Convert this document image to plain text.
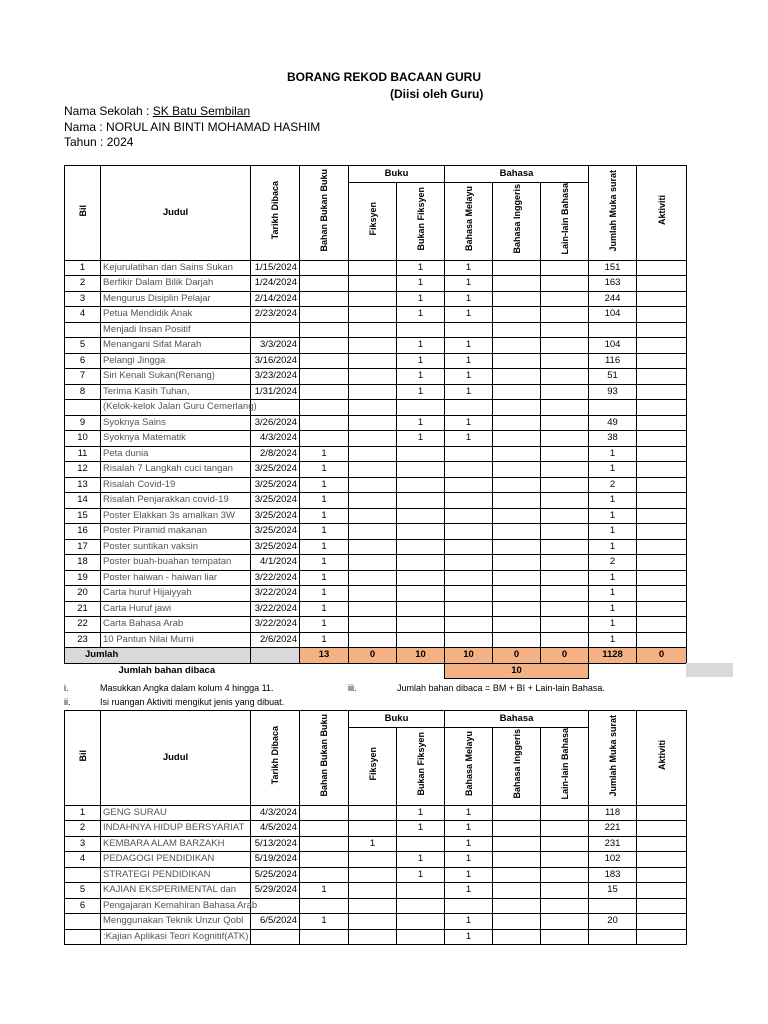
BORANG REKOD BACAAN GURU
(Diisi oleh Guru)
Nama Sekolah : SK Batu Sembilan
Nama : NORUL AIN BINTI MOHAMAD HASHIM
Tahun : 2024
Bil	Judul	Tarikh Dibaca	Bahan Bukan Buku	Buku		Bahasa			Jumlah Muka surat	Aktiviti
				Fiksyen	Bukan Fiksyen	Bahasa Melayu	Bahasa Inggeris	Lain-lain Bahasa		
1	Kejurulatihan dan Sains Sukan	1/15/2024			1	1			151	
2	Berfikir Dalam Bilik Darjah	1/24/2024			1	1			163	
3	Mengurus Disiplin Pelajar	2/14/2024			1	1			244	
4	Petua Mendidik Anak	2/23/2024			1	1			104	
	Menjadi Insan Positif									
5	Menangani Sifat Marah	3/3/2024			1	1			104	
6	Pelangi Jingga	3/16/2024			1	1			116	
7	Siri Kenali Sukan(Renang)	3/23/2024			1	1			51	
8	Terima Kasih Tuhan,	1/31/2024			1	1			93	
	(Kelok-kelok Jalan Guru Cemerlang)									
9	Syoknya Sains	3/26/2024			1	1			49	
10	Syoknya Matematik	4/3/2024			1	1			38	
11	Peta dunia	2/8/2024	1						1	
12	Risalah 7 Langkah cuci tangan	3/25/2024	1						1	
13	Risalah Covid-19	3/25/2024	1						2	
14	Risalah Penjarakkan covid-19	3/25/2024	1						1	
15	Poster Elakkan 3s amalkan 3W	3/25/2024	1						1	
16	Poster Piramid makanan	3/25/2024	1						1	
17	Poster suntikan vaksin	3/25/2024	1						1	
18	Poster buah-buahan tempatan	4/1/2024	1						2	
19	Poster haiwan - haiwan liar	3/22/2024	1						1	
20	Carta huruf Hijaiyyah	3/22/2024	1						1	
21	Carta Huruf jawi	3/22/2024	1						1	
22	Carta Bahasa Arab	3/22/2024	1						1	
23	10 Pantun Nilai Murni	2/6/2024	1						1	
Jumlah			13	0	10	10	0	0	1128	0
Jumlah bahan dibaca						10				
i.	Masukkan Angka dalam kolum 4 hingga 11.	iii.	Jumlah bahan dibaca = BM + BI + Lain-lain Bahasa.
ii.	Isi ruangan Aktiviti mengikut jenis yang dibuat.
Bil	Judul	Tarikh Dibaca	Bahan Bukan Buku	Buku		Bahasa			Jumlah Muka surat	Aktiviti
				Fiksyen	Bukan Fiksyen	Bahasa Melayu	Bahasa Inggeris	Lain-lain Bahasa		
1	GENG SURAU	4/3/2024			1	1			118	
2	INDAHNYA HIDUP BERSYARIAT	4/5/2024			1	1			221	
3	KEMBARA ALAM BARZAKH	5/13/2024		1		1			231	
4	PEDAGOGI PENDIDIKAN	5/19/2024			1	1			102	
	STRATEGI PENDIDIKAN	5/25/2024			1	1			183	
5	KAJIAN EKSPERIMENTAL dan	5/29/2024	1			1			15	
6	Pengajaran Kemahiran Bahasa Arab									
	Menggunakan Teknik Unzur Qobl	6/5/2024	1			1			20	
	:Kajian Aplikasi Teori Kognitif(ATK)					1				
